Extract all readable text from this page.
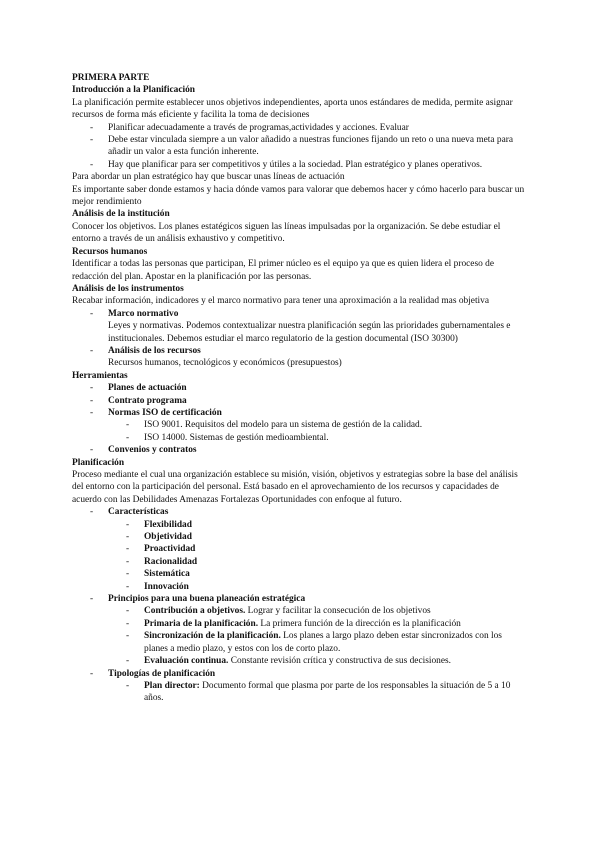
PRIMERA PARTE

Introducción a la Planificación

La planificación permite establecer unos objetivos independientes, aporta unos estándares de medida, permite asignar recursos de forma más eficiente y facilita la toma de decisiones

-	Planificar adecuadamente a través de programas,actividades y acciones. Evaluar
-	Debe estar vinculada siempre a un valor añadido a nuestras funciones fijando un reto o una nueva meta para añadir un valor a esta función inherente.
-	Hay que planificar para ser competitivos y útiles a la sociedad. Plan estratégico y planes operativos.

Para abordar un plan estratégico hay que buscar unas líneas de actuación

Es importante saber donde estamos y hacia dónde vamos para valorar que debemos hacer y cómo hacerlo para buscar un mejor rendimiento

Análisis de la institución

Conocer los objetivos. Los planes estatégicos siguen las líneas impulsadas por la organización. Se debe estudiar el entorno a través de un análisis exhaustivo y competitivo.

Recursos humanos

Identificar a todas las personas que participan, El primer núcleo es el equipo ya que es quien lidera el proceso de redacción del plan. Apostar en la planificación por las personas.

Análisis de los instrumentos

Recabar información, indicadores y el marco normativo para tener una aproximación a la realidad mas objetiva

-	Marco normativo

Leyes y normativas. Podemos contextualizar nuestra planificación según las prioridades gubernamentales e institucionales. Debemos estudiar el marco regulatorio de la gestion documental (ISO 30300)

-	Análisis de los recursos

Recursos humanos, tecnológicos y económicos (presupuestos)

Herramientas

-	Planes de actuación
-	Contrato programa
-	Normas ISO de certificación
-	ISO 9001. Requisitos del modelo para un sistema de gestión de la calidad.
-	ISO 14000. Sistemas de gestión medioambiental.
-	Convenios y contratos

Planificación

Proceso mediante el cual una organización establece su misión, visión, objetivos y estrategias sobre la base del análisis del entorno con la participación del personal. Está basado en el aprovechamiento de los recursos y capacidades de acuerdo con las Debilidades Amenazas Fortalezas Oportunidades con enfoque al futuro.

-	Características
-	Flexibilidad
-	Objetividad
-	Proactividad
-	Racionalidad
-	Sistemática
-	Innovación
-	Principios para una buena planeación estratégica
-	Contribución a objetivos. Lograr y facilitar la consecución de los objetivos
-	Primaria de la planificación. La primera función de la dirección es la planificación
-	Sincronización de la planificación. Los planes a largo plazo deben estar sincronizados con los planes a medio plazo, y estos con los de corto plazo.
-	Evaluación continua. Constante revisión crítica y constructiva de sus decisiones.
-	Tipologías de planificación
-	Plan director: Documento formal que plasma por parte de los responsables la situación de 5 a 10 años.
